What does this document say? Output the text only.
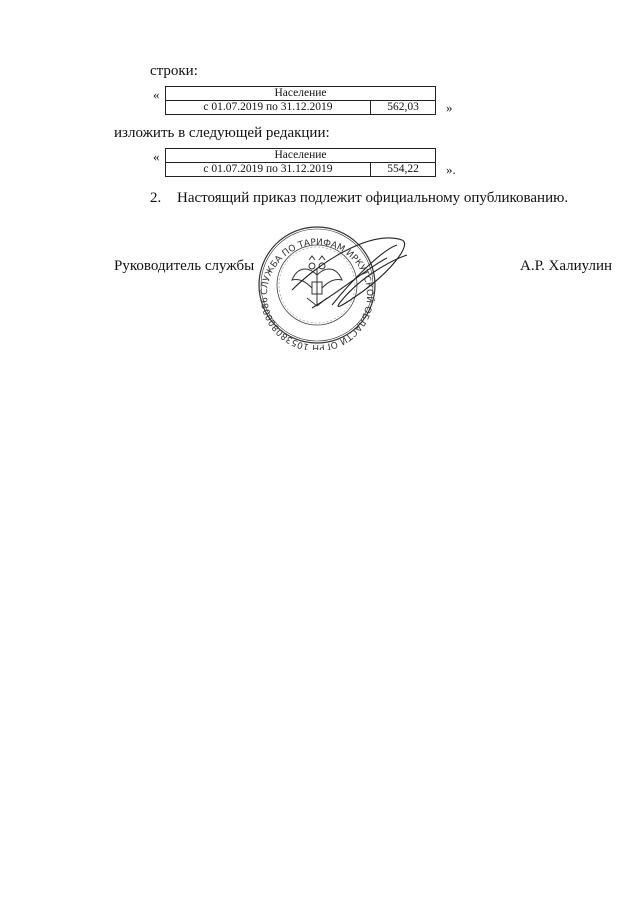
строки:
«	Население		
с 01.07.2019 по 31.12.2019	562,03	»
изложить в следующей редакции:
«	Население
с 01.07.2019 по 31.12.2019	554,22 ».
2. Настоящий приказ подлежит официальному опубликованию.
Руководитель службы	А.Р. Халиулин
СЛУЖБА ПО ТАРИФАМ ИРКУТСКОЙ ОБЛАСТИ ОГРН 105380800086
